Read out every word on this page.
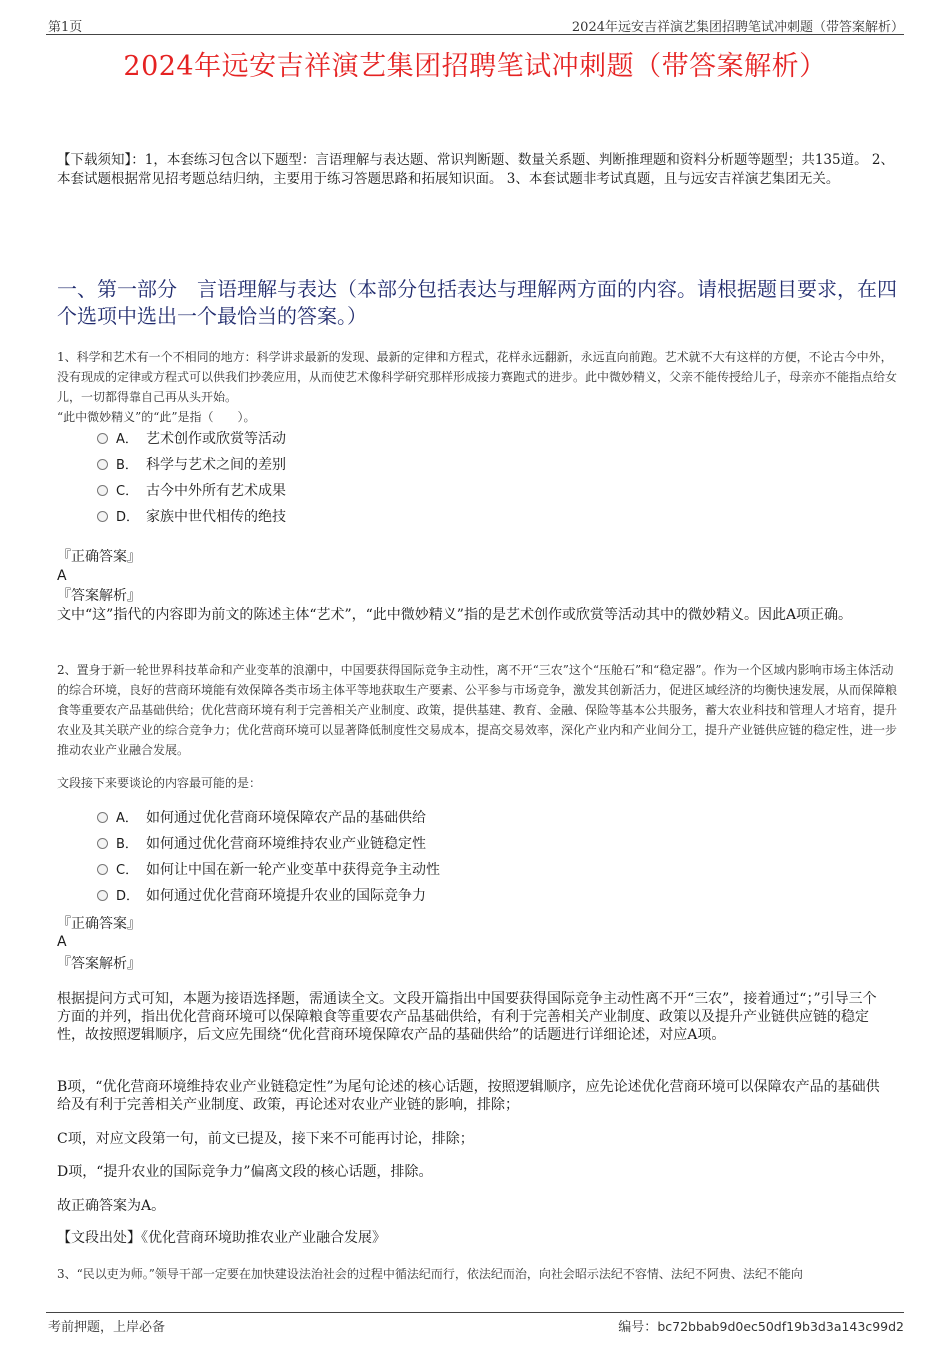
第1页	2024年远安吉祥演艺集团招聘笔试冲刺题（带答案解析）
2024年远安吉祥演艺集团招聘笔试冲刺题（带答案解析）
【下载须知】：1，本套练习包含以下题型：言语理解与表达题、常识判断题、数量关系题、判断推理题和资料分析题等题型；共135道。 2、本套试题根据常见招考题总结归纳，主要用于练习答题思路和拓展知识面。 3、本套试题非考试真题，且与远安吉祥演艺集团无关。
一、第一部分　言语理解与表达（本部分包括表达与理解两方面的内容。请根据题目要求，在四个选项中选出一个最恰当的答案。）
1、科学和艺术有一个不相同的地方：科学讲求最新的发现、最新的定律和方程式，花样永远翻新，永远直向前跑。艺术就不大有这样的方便，不论古今中外，没有现成的定律或方程式可以供我们抄袭应用，从而使艺术像科学研究那样形成接力赛跑式的进步。此中微妙精义，父亲不能传授给儿子，母亲亦不能指点给女儿，一切都得靠自己再从头开始。
“此中微妙精义”的“此”是指（　　）。
A． 艺术创作或欣赏等活动
B． 科学与艺术之间的差别
C． 古今中外所有艺术成果
D． 家族中世代相传的绝技
『正确答案』
A
『答案解析』
文中“这”指代的内容即为前文的陈述主体“艺术”，“此中微妙精义”指的是艺术创作或欣赏等活动其中的微妙精义。因此A项正确。
2、置身于新一轮世界科技革命和产业变革的浪潮中，中国要获得国际竞争主动性，离不开“三农”这个“压舱石”和“稳定器”。作为一个区域内影响市场主体活动的综合环境，良好的营商环境能有效保障各类市场主体平等地获取生产要素、公平参与市场竞争，激发其创新活力，促进区域经济的均衡快速发展，从而保障粮食等重要农产品基础供给；优化营商环境有利于完善相关产业制度、政策，提供基建、教育、金融、保险等基本公共服务，蓄大农业科技和管理人才培育，提升农业及其关联产业的综合竞争力；优化营商环境可以显著降低制度性交易成本，提高交易效率，深化产业内和产业间分工，提升产业链供应链的稳定性，进一步推动农业产业融合发展。
文段接下来要谈论的内容最可能的是：
A． 如何通过优化营商环境保障农产品的基础供给
B． 如何通过优化营商环境维持农业产业链稳定性
C． 如何让中国在新一轮产业变革中获得竞争主动性
D． 如何通过优化营商环境提升农业的国际竞争力
『正确答案』
A
『答案解析』
根据提问方式可知，本题为接语选择题，需通读全文。文段开篇指出中国要获得国际竞争主动性离不开“三农”，接着通过“；”引导三个方面的并列，指出优化营商环境可以保障粮食等重要农产品基础供给，有利于完善相关产业制度、政策以及提升产业链供应链的稳定性，故按照逻辑顺序，后文应先围绕“优化营商环境保障农产品的基础供给”的话题进行详细论述，对应A项。
B项，“优化营商环境维持农业产业链稳定性”为尾句论述的核心话题，按照逻辑顺序，应先论述优化营商环境可以保障农产品的基础供给及有利于完善相关产业制度、政策，再论述对农业产业链的影响，排除；
C项，对应文段第一句，前文已提及，接下来不可能再讨论，排除；
D项，“提升农业的国际竞争力”偏离文段的核心话题，排除。
故正确答案为A。
【文段出处】《优化营商环境助推农业产业融合发展》
3、“民以吏为师。”领导干部一定要在加快建设法治社会的过程中循法纪而行，依法纪而治，向社会昭示法纪不容情、法纪不阿贵、法纪不能向
考前押题，上岸必备	编号：bc72bbab9d0ec50df19b3d3a143c99d2
